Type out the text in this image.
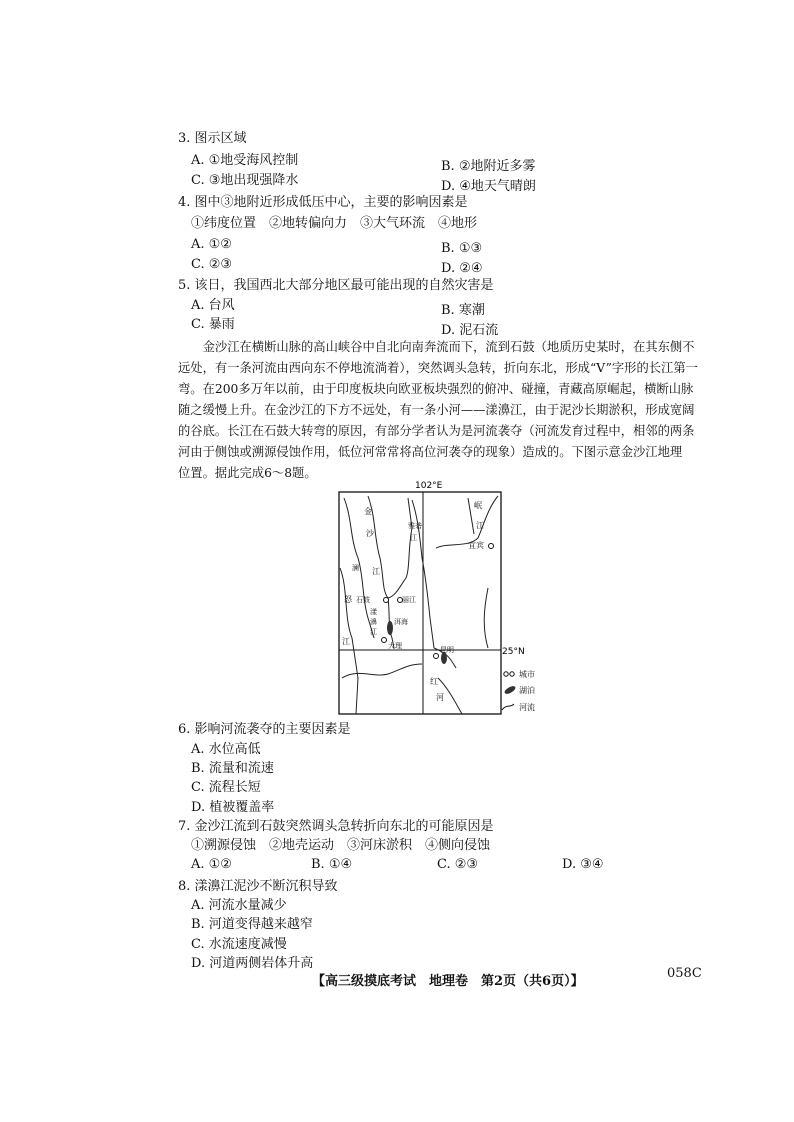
3. 图示区域
A. ①地受海风控制	B. ②地附近多雾
C. ③地出现强降水	D. ④地天气晴朗
4. 图中③地附近形成低压中心，主要的影响因素是
①纬度位置　②地转偏向力　③大气环流　④地形
A. ①②	B. ①③
C. ②③	D. ②④
5. 该日，我国西北大部分地区最可能出现的自然灾害是
A. 台风	B. 寒潮
C. 暴雨	D. 泥石流
　　金沙江在横断山脉的高山峡谷中自北向南奔流而下，流到石鼓（地质历史某时，在其东侧不
远处，有一条河流由西向东不停地流淌着），突然调头急转，折向东北，形成“V”字形的长江第一
弯。在200多万年以前，由于印度板块向欧亚板块强烈的俯冲、碰撞，青藏高原崛起，横断山脉
随之缓慢上升。在金沙江的下方不远处，有一条小河——漾濞江，由于泥沙长期淤积，形成宽阔
的谷底。长江在石鼓大转弯的原因，有部分学者认为是河流袭夺（河流发育过程中，相邻的两条
河由于侧蚀或溯源侵蚀作用，低位河常常将高位河袭夺的现象）造成的。下图示意金沙江地理
位置。据此完成6～8题。
102°E
25°N
金
沙
江
岷
江
宜宾
雅砻
江
澜
怒 石鼓	丽江
漾
濞
江
洱海
大理
江
昆明
红
河
城市
湖泊
河流
6. 影响河流袭夺的主要因素是
A. 水位高低
B. 流量和流速
C. 流程长短
D. 植被覆盖率
7. 金沙江流到石鼓突然调头急转折向东北的可能原因是
①溯源侵蚀　②地壳运动　③河床淤积　④侧向侵蚀
A. ①②	B. ①④	C. ②③	D. ③④
8. 漾濞江泥沙不断沉积导致
A. 河流水量减少
B. 河道变得越来越窄
C. 水流速度减慢
D. 河道两侧岩体升高
【高三级摸底考试　地理卷　第2页（共6页）】
058C
